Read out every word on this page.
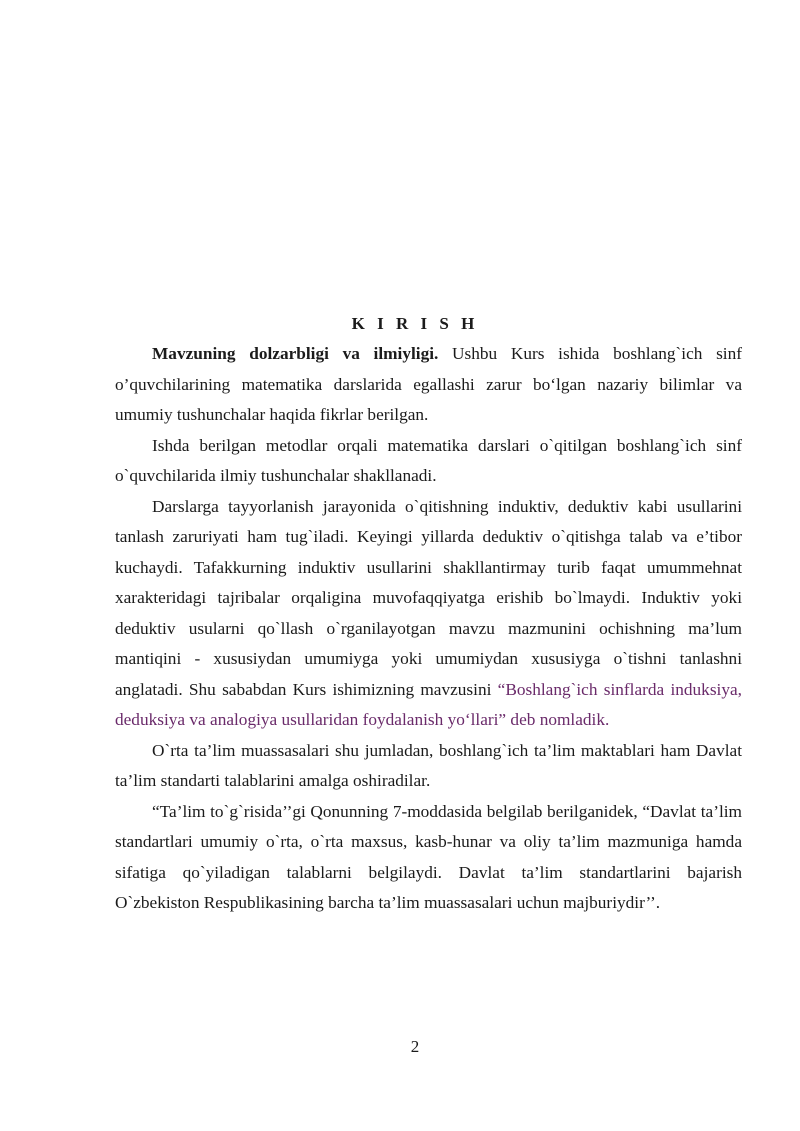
K I R I S H

Mavzuning dolzarbligi va ilmiyligi. Ushbu Kurs ishida boshlang`ich sinf o’quvchilarining matematika darslarida egallashi zarur bo‘lgan nazariy bilimlar va umumiy tushunchalar haqida fikrlar berilgan.

Ishda berilgan metodlar orqali matematika darslari o`qitilgan boshlang`ich sinf o`quvchilarida ilmiy tushunchalar shakllanadi.

Darslarga tayyorlanish jarayonida o`qitishning induktiv, deduktiv kabi usullarini tanlash zaruriyati ham tug`iladi. Keyingi yillarda deduktiv o`qitishga talab va e’tibor kuchaydi. Tafakkurning induktiv usullarini shakllantirmay turib faqat umummehnat xarakteridagi tajribalar orqaligina muvofaqqiyatga erishib bo`lmaydi. Induktiv yoki deduktiv usularni qo`llash o`rganilayotgan mavzu mazmunini ochishning ma’lum mantiqini - xususiydan umumiyga yoki umumiydan xususiyga o`tishni tanlashni anglatadi. Shu sababdan Kurs ishimizning mavzusini “Boshlang`ich sinflarda induksiya, deduksiya va analogiya usullaridan foydalanish yo‘llari” deb nomladik.

O`rta ta’lim muassasalari shu jumladan, boshlang`ich ta’lim maktablari ham Davlat ta’lim standarti talablarini amalga oshiradilar.

“Ta’lim to`g`risida’’gi Qonunning 7-moddasida belgilab berilganidek, “Davlat ta’lim standartlari umumiy o`rta, o`rta maxsus, kasb-hunar va oliy ta’lim mazmuniga hamda sifatiga qo`yiladigan talablarni belgilaydi. Davlat ta’lim standartlarini bajarish O`zbekiston Respublikasining barcha ta’lim muassasalari uchun majburiydir’’.

2
